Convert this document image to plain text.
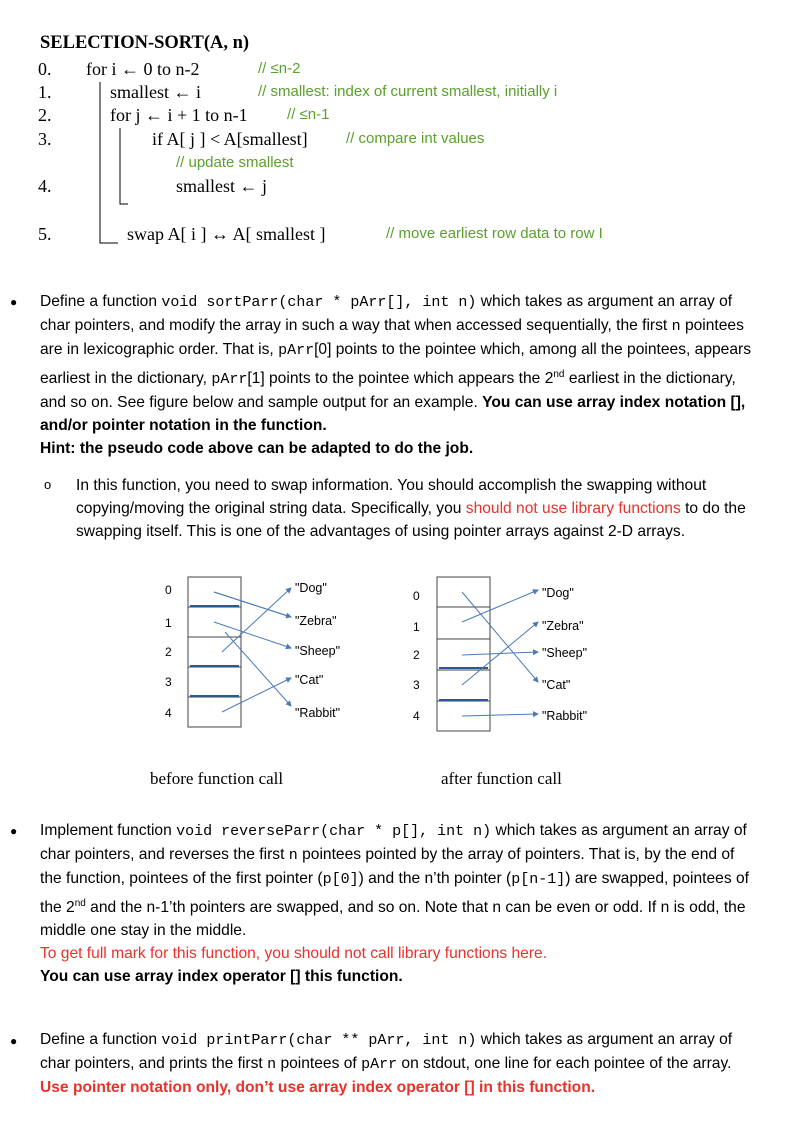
SELECTION-SORT(A, n)
0. for i ← 0 to n-2	// ≤n-2
1.	smallest ← i	// smallest: index of current smallest, initially i
2.	for j ← i + 1 to n-1	// ≤n-1
3.	if A[ j ] < A[smallest]	// compare int values
// update smallest
4.	smallest ← j
5.	swap A[ i ] ↔ A[ smallest ]	// move earliest row data to row I
● Define a function void sortParr(char * pArr[], int n) which takes as argument an array of char pointers, and modify the array in such a way that when accessed sequentially, the first n pointees are in lexicographic order. That is, pArr[0] points to the pointee which, among all the pointees, appears earliest in the dictionary, pArr[1] points to the pointee which appears the 2nd earliest in the dictionary, and so on. See figure below and sample output for an example. You can use array index notation [], and/or pointer notation in the function.
Hint: the pseudo code above can be adapted to do the job.
o In this function, you need to swap information. You should accomplish the swapping without copying/moving the original string data. Specifically, you should not use library functions to do the swapping itself. This is one of the advantages of using pointer arrays against 2-D arrays.
0
1
2
3
4
"Dog"
"Zebra"
"Sheep"
"Cat"
"Rabbit"
0
1
2
3
4
"Dog"
"Zebra"
"Sheep"
"Cat"
"Rabbit"
before function call	after function call
● Implement function void reverseParr(char * p[], int n) which takes as argument an array of char pointers, and reverses the first n pointees pointed by the array of pointers. That is, by the end of the function, pointees of the first pointer (p[0]) and the n’th pointer (p[n-1]) are swapped, pointees of the 2nd and the n-1’th pointers are swapped, and so on. Note that n can be even or odd. If n is odd, the middle one stay in the middle.
To get full mark for this function, you should not call library functions here.
You can use array index operator [] this function.
● Define a function void printParr(char ** pArr, int n) which takes as argument an array of char pointers, and prints the first n pointees of pArr on stdout, one line for each pointee of the array. Use pointer notation only, don’t use array index operator [] in this function.
